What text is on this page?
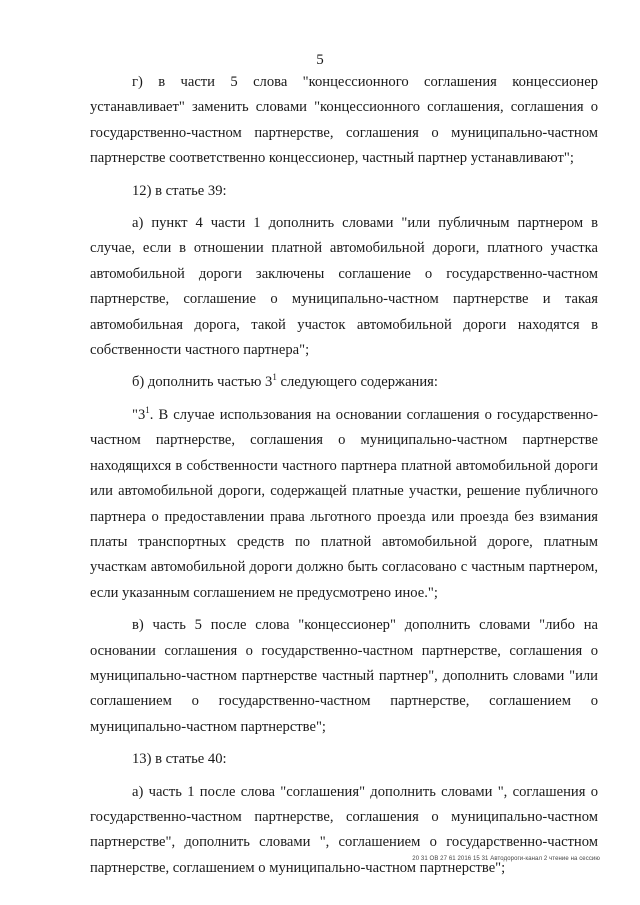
5

г) в части 5 слова "концессионного соглашения концессионер устанавливает" заменить словами "концессионного соглашения, соглашения о государственно-частном партнерстве, соглашения о муниципально-частном партнерстве соответственно концессионер, частный партнер устанавливают";

12) в статье 39:

а) пункт 4 части 1 дополнить словами "или публичным партнером в случае, если в отношении платной автомобильной дороги, платного участка автомобильной дороги заключены соглашение о государственно-частном партнерстве, соглашение о муниципально-частном партнерстве и такая автомобильная дорога, такой участок автомобильной дороги находятся в собственности частного партнера";

б) дополнить частью $3^1$ следующего содержания:

"$3^1$. В случае использования на основании соглашения о государственно-частном партнерстве, соглашения о муниципально-частном партнерстве находящихся в собственности частного партнера платной автомобильной дороги или автомобильной дороги, содержащей платные участки, решение публичного партнера о предоставлении права льготного проезда или проезда без взимания платы транспортных средств по платной автомобильной дороге, платным участкам автомобильной дороги должно быть согласовано с частным партнером, если указанным соглашением не предусмотрено иное.";

в) часть 5 после слова "концессионер" дополнить словами "либо на основании соглашения о государственно-частном партнерстве, соглашения о муниципально-частном партнерстве частный партнер", дополнить словами "или соглашением о государственно-частном партнерстве, соглашением о муниципально-частном партнерстве";

13) в статье 40:

а) часть 1 после слова "соглашения" дополнить словами ", соглашения о государственно-частном партнерстве, соглашения о муниципально-частном партнерстве", дополнить словами ", соглашением о государственно-частном партнерстве, соглашением о муниципально-частном партнерстве";

20 31 ОВ 27 61 2016 15 31 Автодороги-канал 2 чтение на сессию
